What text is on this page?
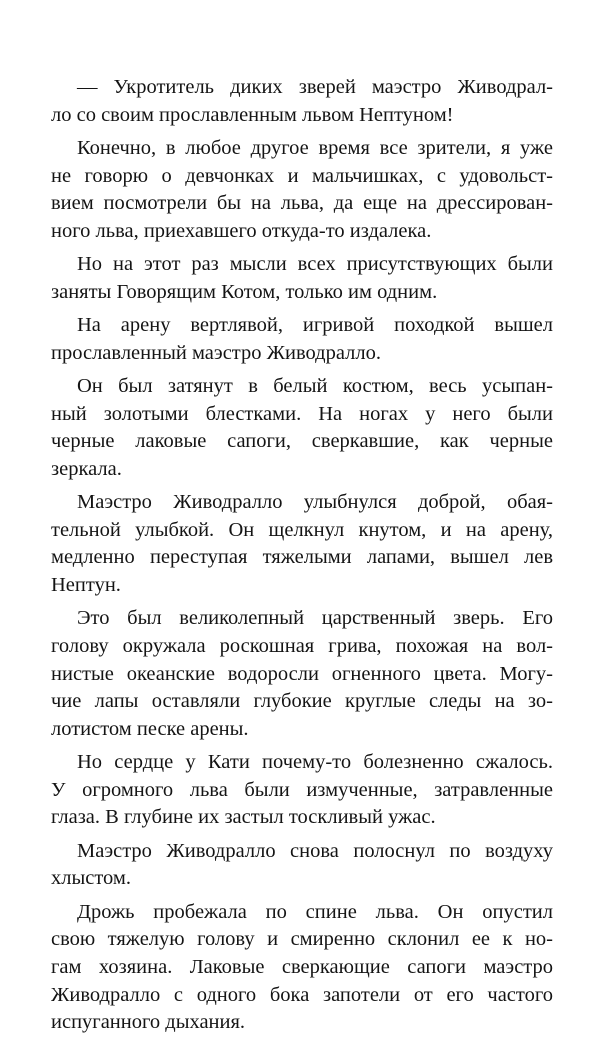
— Укротитель диких зверей маэстро Живодрал-
ло со своим прославленным львом Нептуном!
Конечно, в любое другое время все зрители, я уже
не говорю о девчонках и мальчишках, с удовольст-
вием посмотрели бы на льва, да еще на дрессирован-
ного льва, приехавшего откуда-то издалека.
Но на этот раз мысли всех присутствующих были
заняты Говорящим Котом, только им одним.
На арену вертлявой, игривой походкой вышел
прославленный маэстро Живодралло.
Он был затянут в белый костюм, весь усыпан-
ный золотыми блестками. На ногах у него были
черные лаковые сапоги, сверкавшие, как черные
зеркала.
Маэстро Живодралло улыбнулся доброй, обая-
тельной улыбкой. Он щелкнул кнутом, и на арену,
медленно переступая тяжелыми лапами, вышел лев
Нептун.
Это был великолепный царственный зверь. Его
голову окружала роскошная грива, похожая на вол-
нистые океанские водоросли огненного цвета. Могу-
чие лапы оставляли глубокие круглые следы на зо-
лотистом песке арены.
Но сердце у Кати почему-то болезненно сжалось.
У огромного льва были измученные, затравленные
глаза. В глубине их застыл тоскливый ужас.
Маэстро Живодралло снова полоснул по воздуху
хлыстом.
Дрожь пробежала по спине льва. Он опустил
свою тяжелую голову и смиренно склонил ее к но-
гам хозяина. Лаковые сверкающие сапоги маэстро
Живодралло с одного бока запотели от его частого
испуганного дыхания.
